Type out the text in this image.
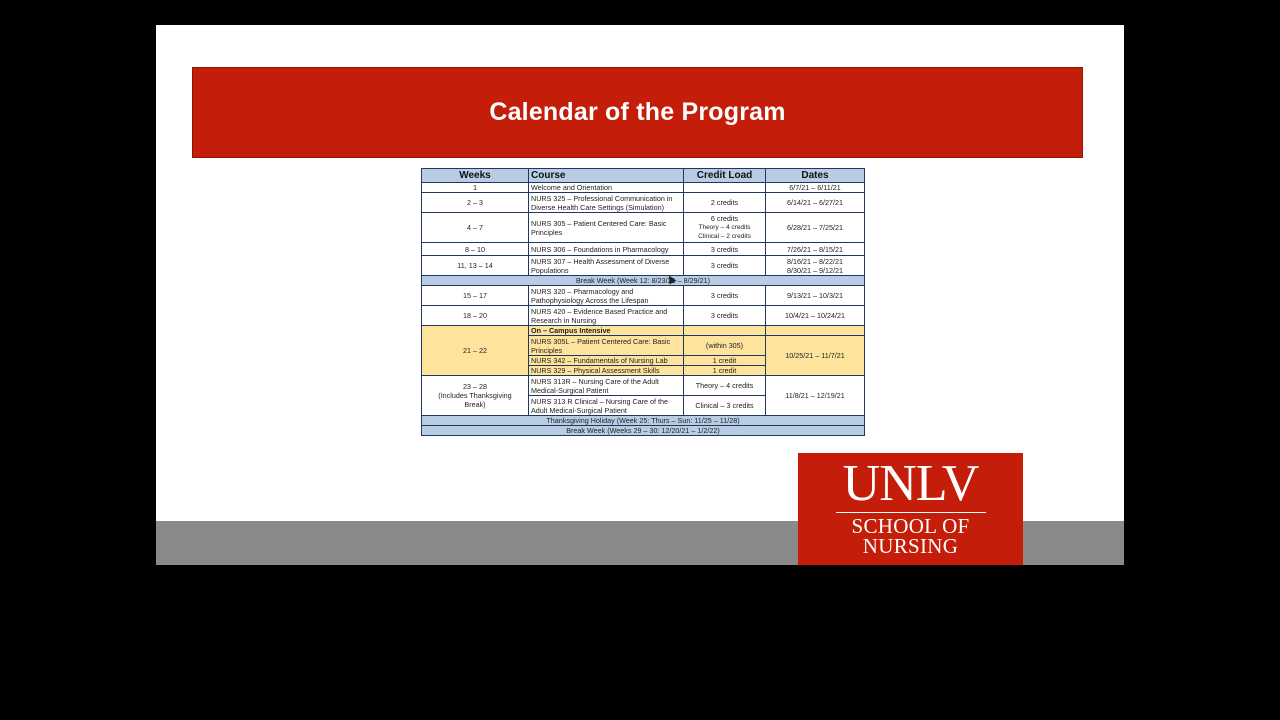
Calendar of the Program
Weeks	Course	Credit Load	Dates
1	Welcome and Orientation		6/7/21 – 6/11/21
2 – 3	NURS 325 – Professional Communication in Diverse Health Care Settings (Simulation)	2 credits	6/14/21 – 6/27/21
4 – 7	NURS 305 – Patient Centered Care: Basic Principles	6 credits
Theory – 4 credits
Clinical – 2 credits	6/28/21 – 7/25/21
8 – 10	NURS 306 – Foundations in Pharmacology	3 credits	7/26/21 – 8/15/21
11, 13 – 14	NURS 307 – Health Assessment of Diverse Populations	3 credits	8/16/21 – 8/22/21
8/30/21 – 9/12/21

Break Week (Week 12: 8/23/21 – 8/29/21)			
15 – 17	NURS 320 – Pharmacology and Pathophysiology Across the Lifespan	3 credits	9/13/21 – 10/3/21
18 – 20	NURS 420 – Evidence Based Practice and Research in Nursing	3 credits	10/4/21 – 10/24/21
21 – 22	On – Campus Intensive		
	NURS 305L – Patient Centered Care: Basic Principles	(within 305)	10/25/21 – 11/7/21
	NURS 342 – Fundamentals of Nursing Lab	1 credit	
	NURS 329 – Physical Assessment Skills	1 credit	

23 – 28
(Includes Thanksgiving
Break)	NURS 313R – Nursing Care of the Adult Medical-Surgical Patient	Theory – 4 credits	11/8/21 – 12/19/21
	NURS 313 R Clinical – Nursing Care of the Adult Medical-Surgical Patient	Clinical – 3 credits	
Thanksgiving Holiday (Week 25: Thurs – Sun: 11/25 – 11/28)			
Break Week (Weeks 29 – 30: 12/20/21 – 1/2/22)			
UNLV
SCHOOL OF
NURSING
